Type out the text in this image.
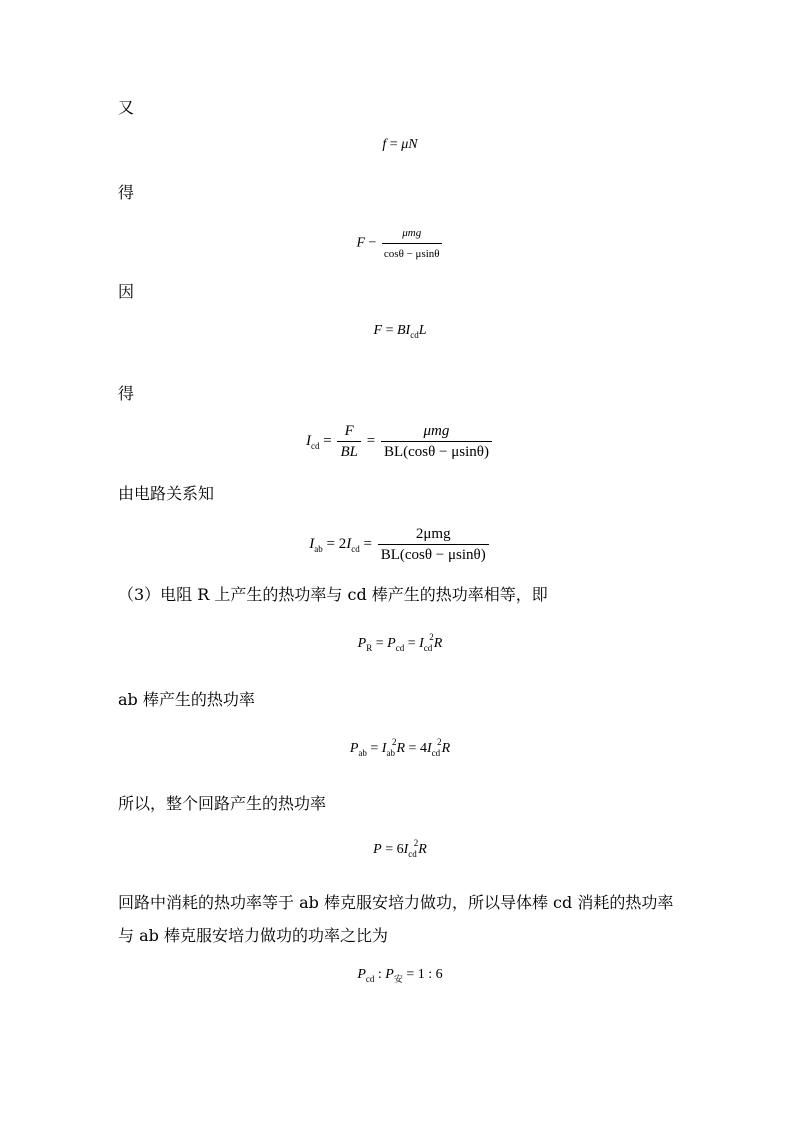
又
f = μN
得
$F - \frac{\text{μmg}}{\cos\theta - \mu\sin\theta}$
因
$F = BI_{cd}L$
得
$I_{cd} = \frac{F}{BL} = \frac{\text{μmg}}{BL(\cos\theta - \mu\sin\theta)}$
由电路关系知
$I_{ab} = 2I_{cd} = \frac{\text{2μmg}}{BL(\cos\theta - \mu\sin\theta)}$
（3）电阻 R 上产生的热功率与 cd 棒产生的热功率相等，即
$P_R = P_{cd} = I_{cd}^2R$
ab 棒产生的热功率
$P_{ab} = I_{ab}^2R = 4I_{cd}^2R$
所以，整个回路产生的热功率
$P = 6I_{cd}^2R$
回路中消耗的热功率等于 ab 棒克服安培力做功，所以导体棒 cd 消耗的热功率
与 ab 棒克服安培力做功的功率之比为
$P_{cd}$ : $P_安 = 1$ : 6
